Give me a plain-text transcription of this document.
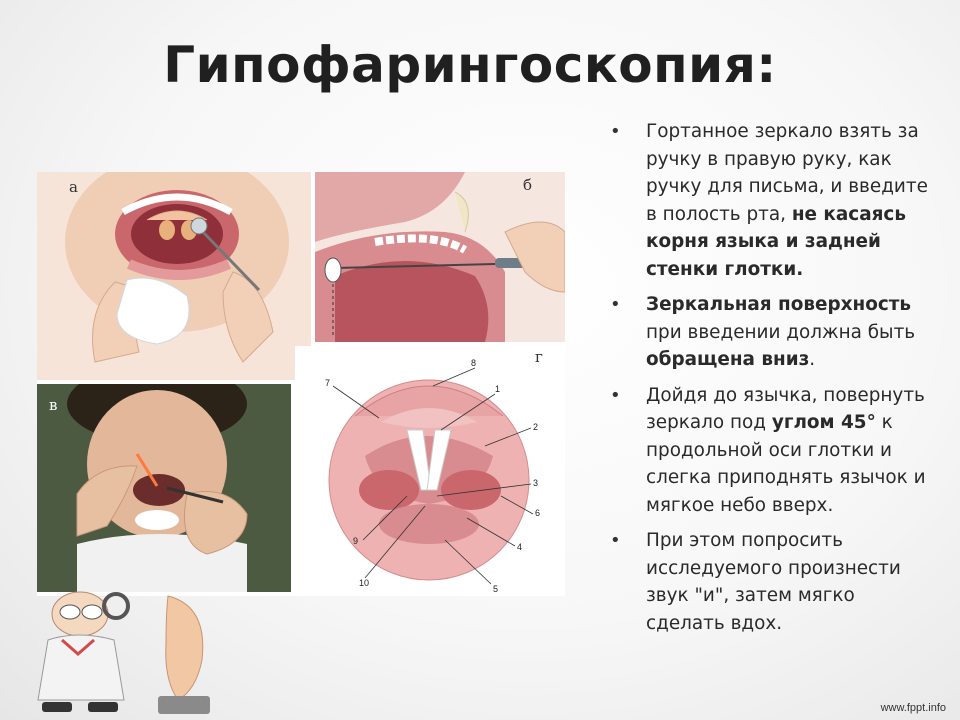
Гипофарингоскопия:
• Гортанное зеркало взять за ручку в правую руку, как ручку для письма, и введите в полость рта, не касаясь корня языка и задней стенки глотки.
• Зеркальная поверхность при введении должна быть обращена вниз.
• Дойдя до язычка, повернуть зеркало под углом 45° к продольной оси глотки и слегка приподнять язычок и мягкое небо вверх.
• При этом попросить исследуемого произнести звук "и", затем мягко сделать вдох.
а	б
в
8
1
2
3
6
4
5
7
9
10
г
www.fppt.info
